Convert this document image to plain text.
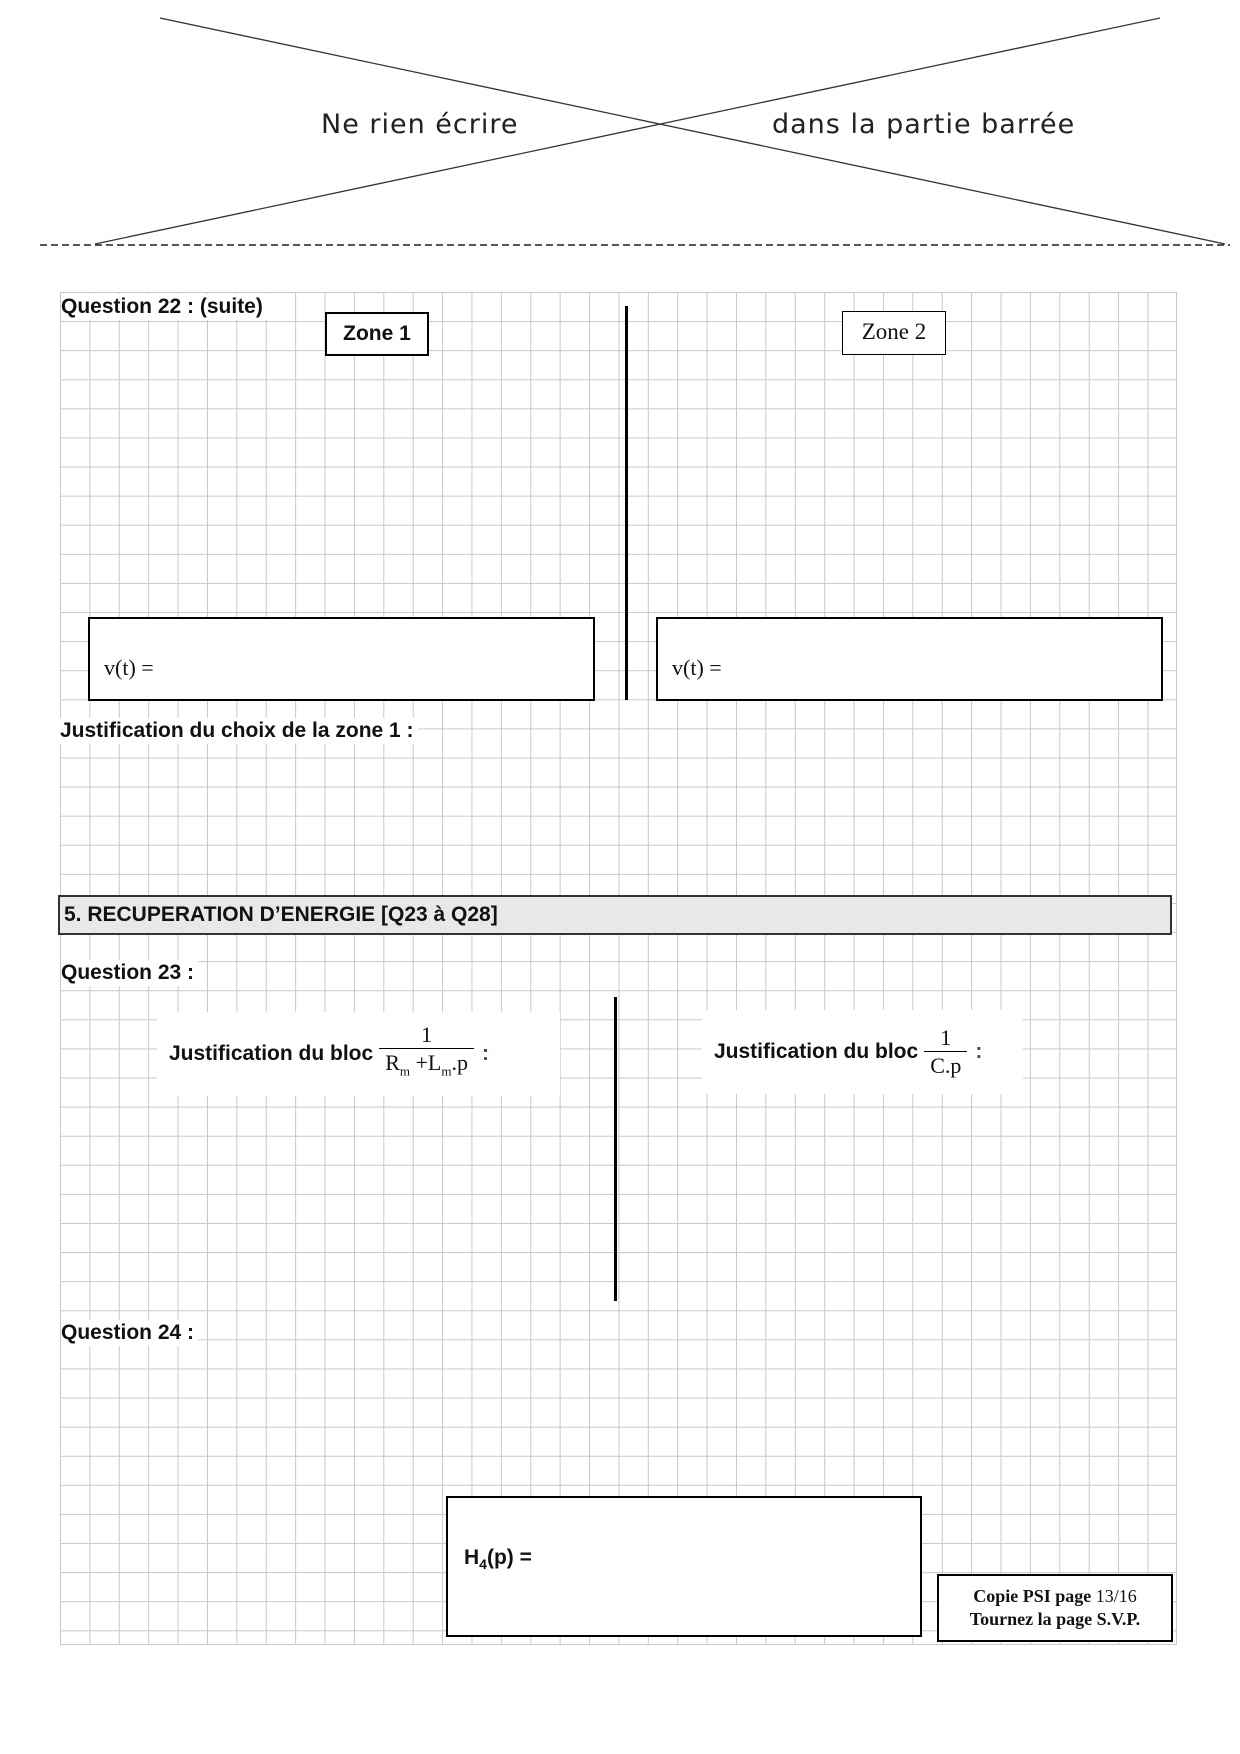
Ne rien écrire	dans la partie barrée
Question 22 : (suite)
Zone 1	Zone 2
v(t) =	v(t) =
Justification du choix de la zone 1 :
5. RECUPERATION D’ENERGIE [Q23 à Q28]
Question 23 :
Justification du bloc $\frac{1}{R_m +L_m.p}$ :	Justification du bloc $\frac{1}{C.p}$ :
Question 24 :
$H_4(p)$ =
Copie PSI page 13/16
Tournez la page S.V.P.
